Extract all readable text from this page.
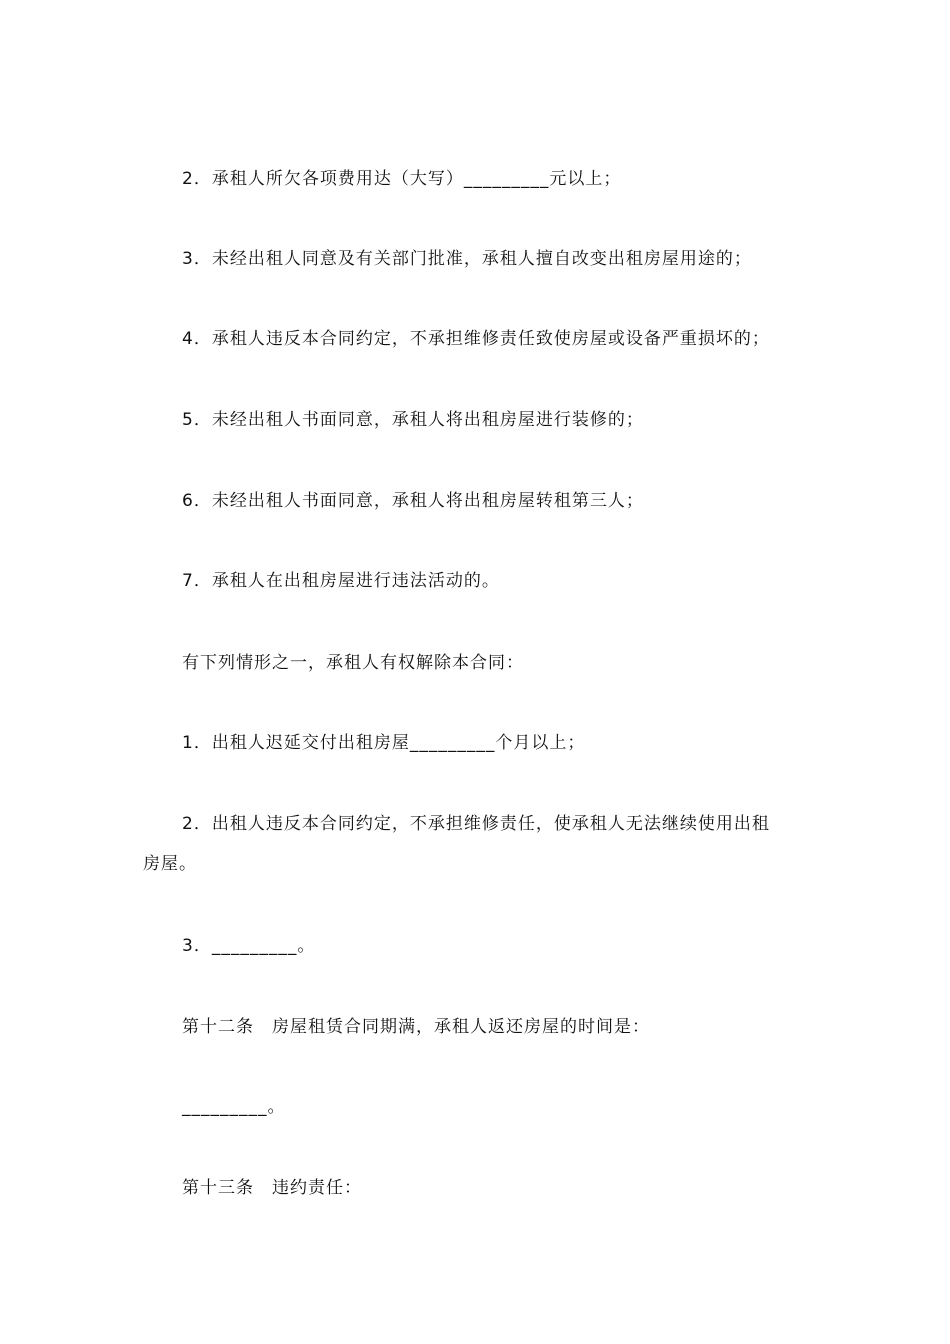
2．承租人所欠各项费用达（大写）_________元以上；
3．未经出租人同意及有关部门批准，承租人擅自改变出租房屋用途的；
4．承租人违反本合同约定，不承担维修责任致使房屋或设备严重损坏的；
5．未经出租人书面同意，承租人将出租房屋进行装修的；
6．未经出租人书面同意，承租人将出租房屋转租第三人；
7．承租人在出租房屋进行违法活动的。
有下列情形之一，承租人有权解除本合同：
1．出租人迟延交付出租房屋_________个月以上；
2．出租人违反本合同约定，不承担维修责任，使承租人无法继续使用出租
房屋。
3．_________。
第十二条　房屋租赁合同期满，承租人返还房屋的时间是：
_________。
第十三条　违约责任：
